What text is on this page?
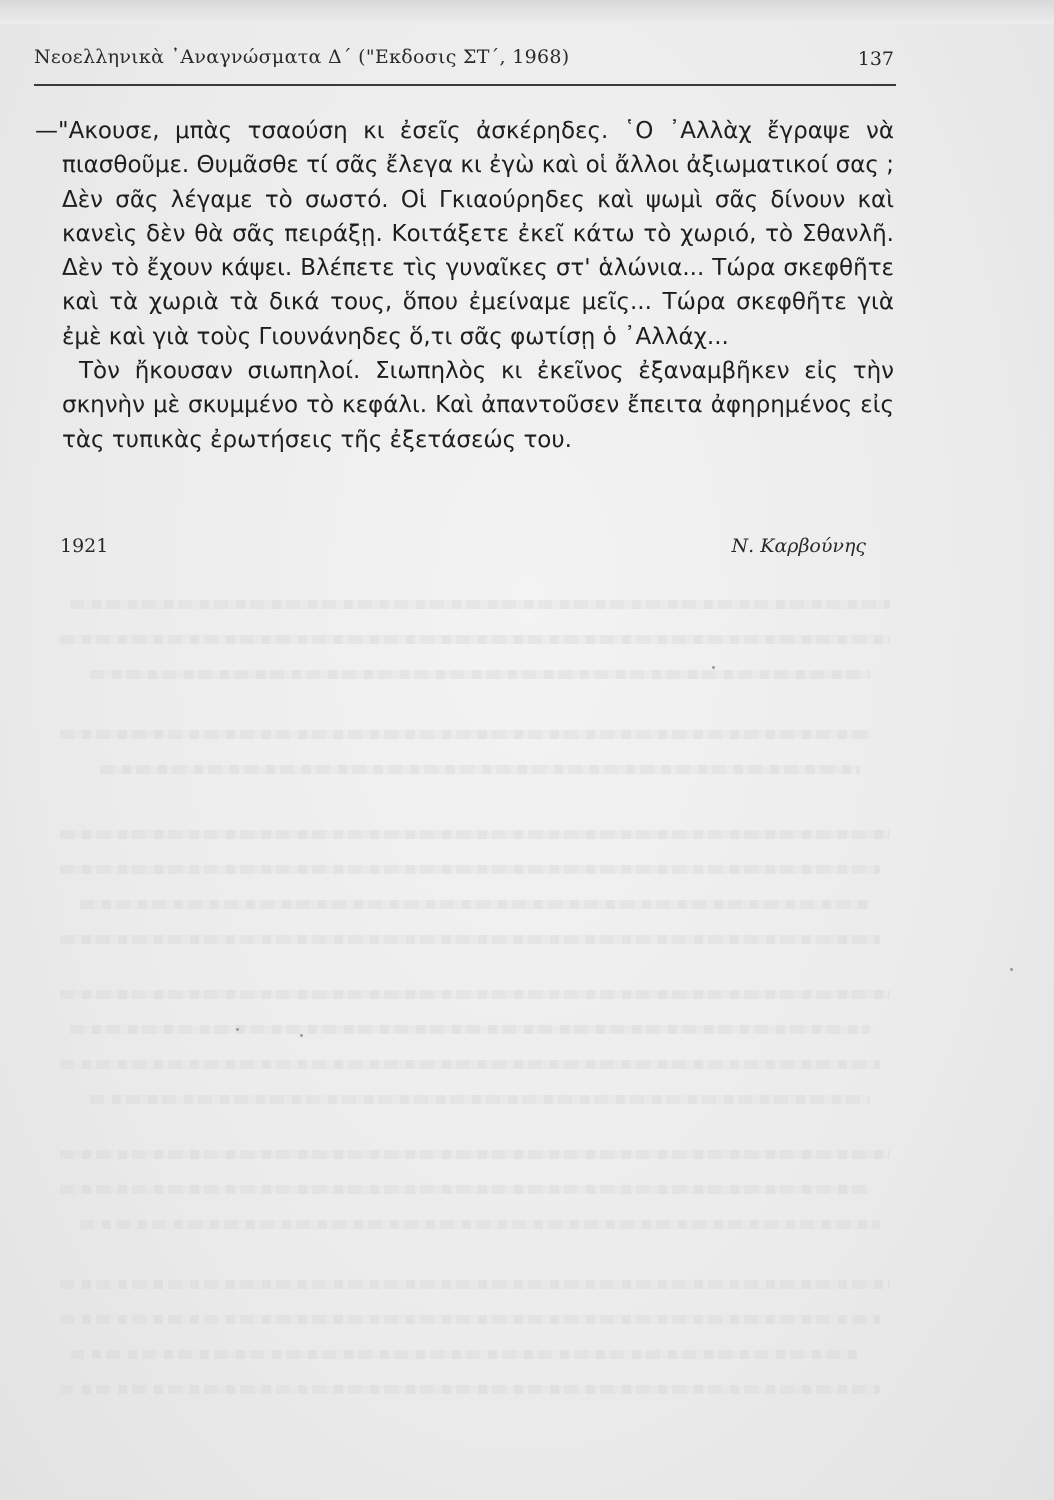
Νεοελληνικὰ ᾿Αναγνώσματα Δ΄ ("Εκδοσις ΣΤ΄, 1968)	137

—"Ακουσε, μπὰς τσαούση κι ἐσεῖς ἀσκέρηδες. ῾Ο ᾿Αλλὰχ ἔγραψε νὰ πιασθοῦμε. Θυμᾶσθε τί σᾶς ἔλεγα κι ἐγὼ καὶ οἱ ἄλλοι ἀξιωματικοί σας ; Δὲν σᾶς λέγαμε τὸ σωστό. Οἱ Γκιαούρηδες καὶ ψωμὶ σᾶς δίνουν καὶ κανεὶς δὲν θὰ σᾶς πειράξῃ. Κοιτάξετε ἐκεῖ κάτω τὸ χωριό, τὸ Σθανλῆ. Δὲν τὸ ἔχουν κάψει. Βλέπετε τὶς γυναῖκες στ' ἁλώνια... Τώρα σκεφθῆτε καὶ τὰ χωριὰ τὰ δικά τους, ὅπου ἐμείναμε μεῖς... Τώρα σκεφθῆτε γιὰ ἐμὲ καὶ γιὰ τοὺς Γιουνάνηδες ὅ,τι σᾶς φωτίσῃ ὁ ᾿Αλλάχ...

Τὸν ἤκουσαν σιωπηλοί. Σιωπηλὸς κι ἐκεῖνος ἐξαναμβῆκεν εἰς τὴν σκηνὴν μὲ σκυμμένο τὸ κεφάλι. Καὶ ἀπαντοῦσεν ἔπειτα ἀφηρημένος εἰς τὰς τυπικὰς ἐρωτήσεις τῆς ἐξετάσεώς του.

1921	Ν. Καρβούνης
